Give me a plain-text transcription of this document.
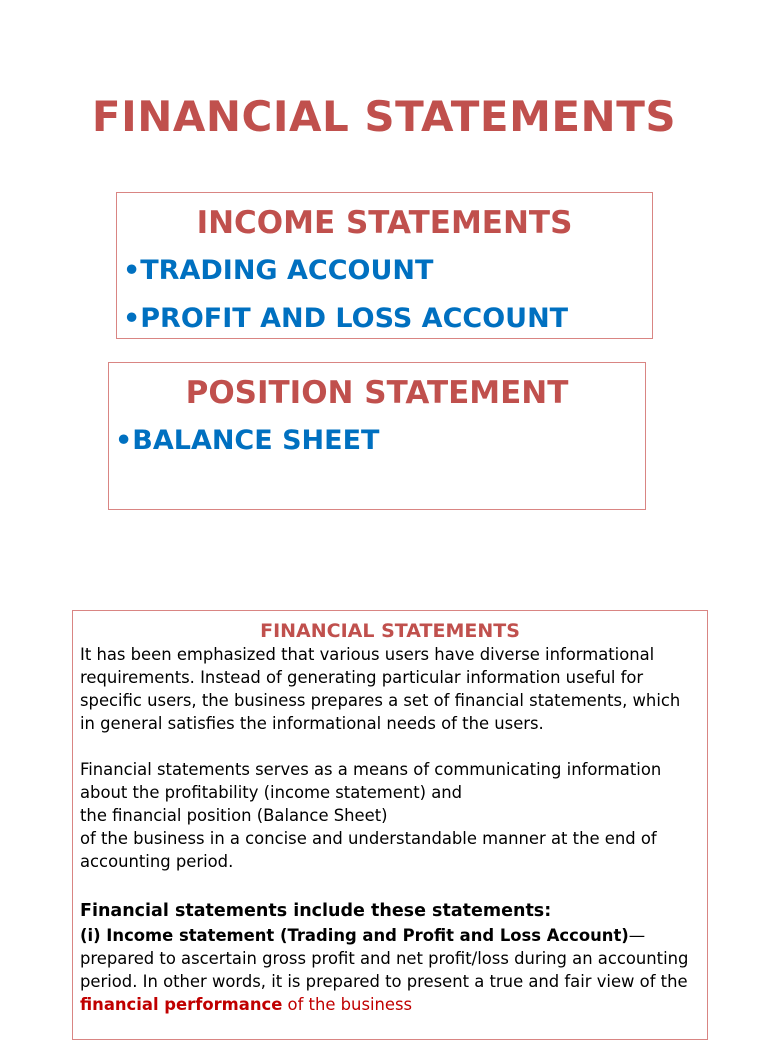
FINANCIAL STATEMENTS
INCOME STATEMENTS
•TRADING ACCOUNT
•PROFIT AND LOSS ACCOUNT
POSITION STATEMENT
•BALANCE SHEET
FINANCIAL STATEMENTS

It has been emphasized that various users have diverse informational requirements. Instead of generating particular information useful for specific users, the business prepares a set of financial statements, which in general satisfies the informational needs of the users.

Financial statements serves as a means of communicating information about the profitability (income statement) and

the financial position (Balance Sheet)

of the business in a concise and understandable manner at the end of accounting period.

Financial statements include these statements:

(i) Income statement (Trading and Profit and Loss Account)—prepared to ascertain gross profit and net profit/loss during an accounting period. In other words, it is prepared to present a true and fair view of the financial performance of the business
